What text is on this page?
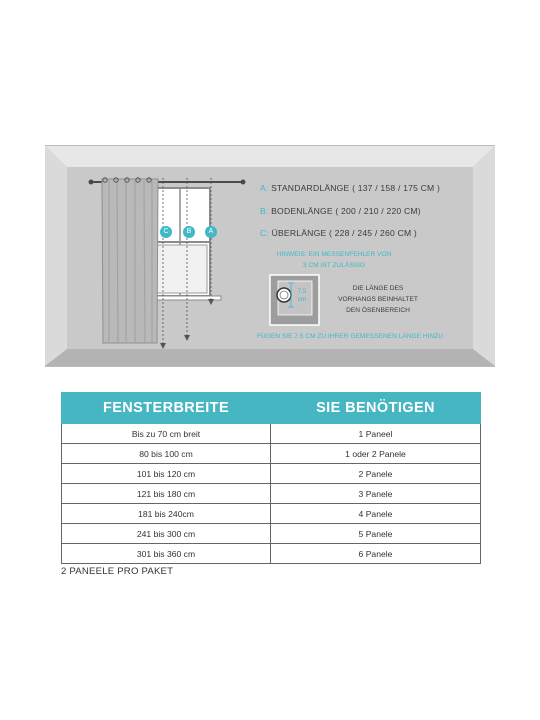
C	B	A
A: STANDARDLÄNGE ( 137 / 158 / 175 CM )
B: BODENLÄNGE ( 200 / 210 / 220 CM)
C: ÜBERLÄNGE ( 228 / 245 / 260 CM )
HINWEIS: EIN MESSENFEHLER VON
3 CM IST ZULÄSSIG
7,5
cm
DIE LÄNGE DES
VORHANGS BEINHALTET
DEN ÖSENBEREICH
FÜGEN SIE 7.5 CM ZU IHRER GEMESSENEN LÄNGE HINZU
FENSTERBREITE	SIE BENÖTIGEN
Bis zu 70 cm breit	1 Paneel
80 bis 100 cm	1 oder 2 Panele
101 bis 120 cm	2 Panele
121 bis 180 cm	3 Panele
181 bis 240cm	4 Panele
241 bis 300 cm	5 Panele
301 bis 360 cm	6 Panele
2 PANEELE PRO PAKET
